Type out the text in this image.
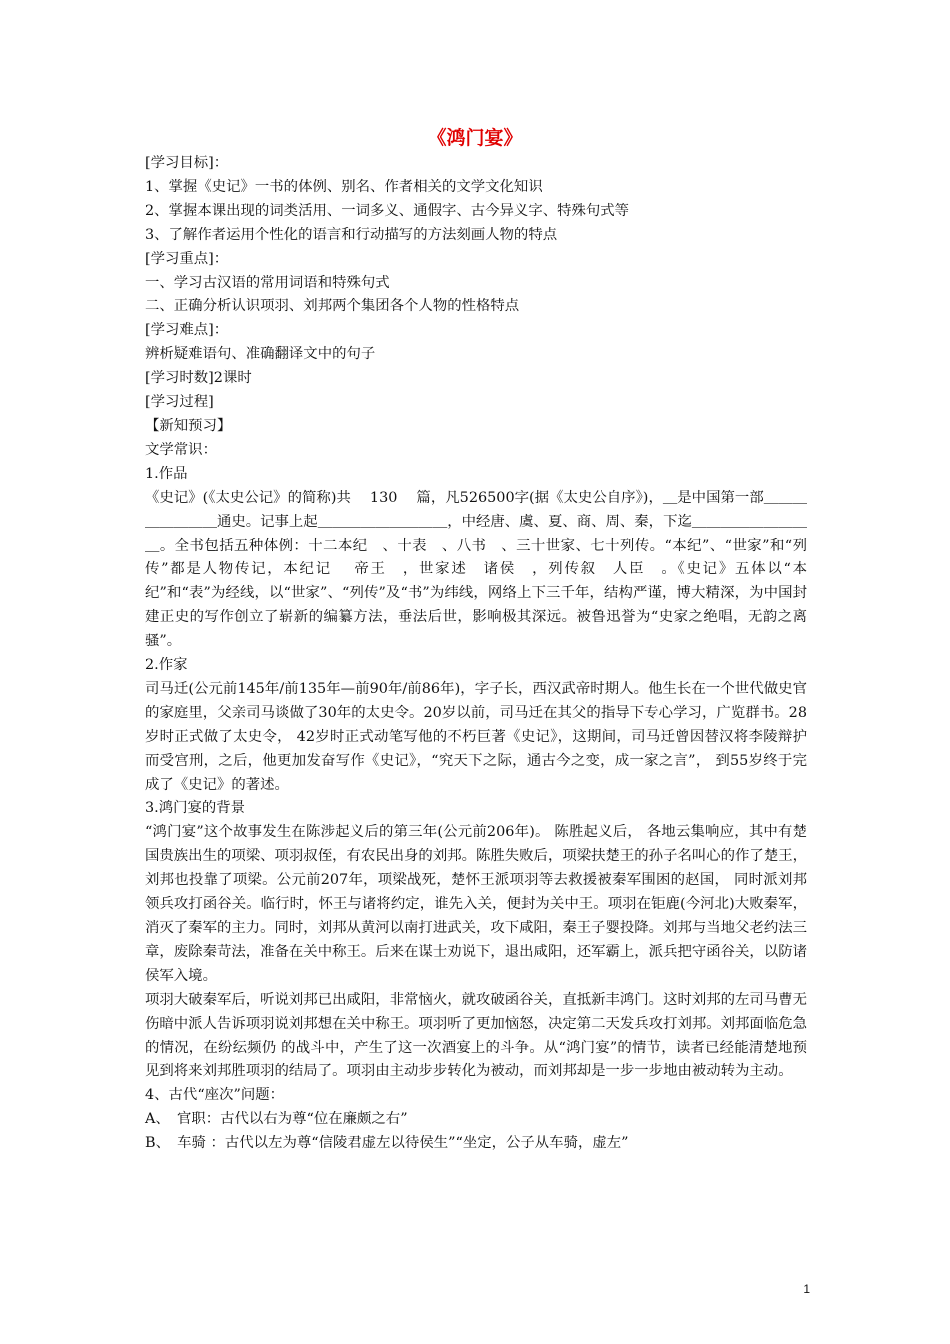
《鸿门宴》

[学习目标]：

1、掌握《史记》一书的体例、别名、作者相关的文学文化知识

2、掌握本课出现的词类活用、一词多义、通假字、古今异义字、特殊句式等

3、了解作者运用个性化的语言和行动描写的方法刻画人物的特点

[学习重点]：

一、学习古汉语的常用词语和特殊句式

二、正确分析认识项羽、刘邦两个集团各个人物的性格特点

[学习难点]：

辨析疑难语句、准确翻译文中的句子

[学习时数]2课时

[学习过程]

【新知预习】

文学常识：

1.作品

《史记》(《太史公记》的简称)共　 130　 篇，凡526500字(据《太史公自序》)，＿是中国第一部＿＿＿＿＿＿＿＿通史。记事上起＿＿＿＿＿＿＿＿＿，中经唐、虞、夏、商、周、秦，下迄＿＿＿＿＿＿＿＿＿。全书包括五种体例：十二本纪　、十表　、八书　、三十世家、七十列传。“本纪”、“世家”和“列传”都是人物传记，本纪记　 帝王　，世家述　诸侯　，列传叙　人臣　。《史记》五体以“本纪”和“表”为经线，以“世家”、“列传”及“书”为纬线，网络上下三千年，结构严谨，博大精深，为中国封建正史的写作创立了崭新的编纂方法，垂法后世，影响极其深远。被鲁迅誉为“史家之绝唱，无韵之离骚”。

2.作家

司马迁(公元前145年/前135年—前90年/前86年)，字子长，西汉武帝时期人。他生长在一个世代做史官的家庭里，父亲司马谈做了30年的太史令。20岁以前，司马迁在其父的指导下专心学习，广览群书。28岁时正式做了太史令， 42岁时正式动笔写他的不朽巨著《史记》，这期间，司马迁曾因替汉将李陵辩护而受宫刑，之后，他更加发奋写作《史记》，“究天下之际，通古今之变，成一家之言”， 到55岁终于完成了《史记》的著述。

3.鸿门宴的背景

“鸿门宴”这个故事发生在陈涉起义后的第三年(公元前206年)。 陈胜起义后， 各地云集响应，其中有楚国贵族出生的项梁、项羽叔侄，有农民出身的刘邦。陈胜失败后，项梁扶楚王的孙子名叫心的作了楚王，刘邦也投靠了项梁。公元前207年，项梁战死，楚怀王派项羽等去救援被秦军围困的赵国， 同时派刘邦领兵攻打函谷关。临行时，怀王与诸将约定，谁先入关，便封为关中王。项羽在钜鹿(今河北)大败秦军，消灭了秦军的主力。同时，刘邦从黄河以南打进武关，攻下咸阳，秦王子婴投降。刘邦与当地父老约法三章，废除秦苛法，准备在关中称王。后来在谋士劝说下，退出咸阳，还军霸上，派兵把守函谷关，以防诸侯军入境。

项羽大破秦军后，听说刘邦已出咸阳，非常恼火，就攻破函谷关，直抵新丰鸿门。这时刘邦的左司马曹无伤暗中派人告诉项羽说刘邦想在关中称王。项羽听了更加恼怒，决定第二天发兵攻打刘邦。刘邦面临危急的情况，在纷纭频仍 的战斗中，产生了这一次酒宴上的斗争。从“鸿门宴”的情节，读者已经能清楚地预见到将来刘邦胜项羽的结局了。项羽由主动步步转化为被动，而刘邦却是一步一步地由被动转为主动。

4、古代“座次”问题：

A、　官职：古代以右为尊“位在廉颇之右”

B、　车骑 ：古代以左为尊“信陵君虚左以待侯生”“坐定，公子从车骑，虚左”

1
